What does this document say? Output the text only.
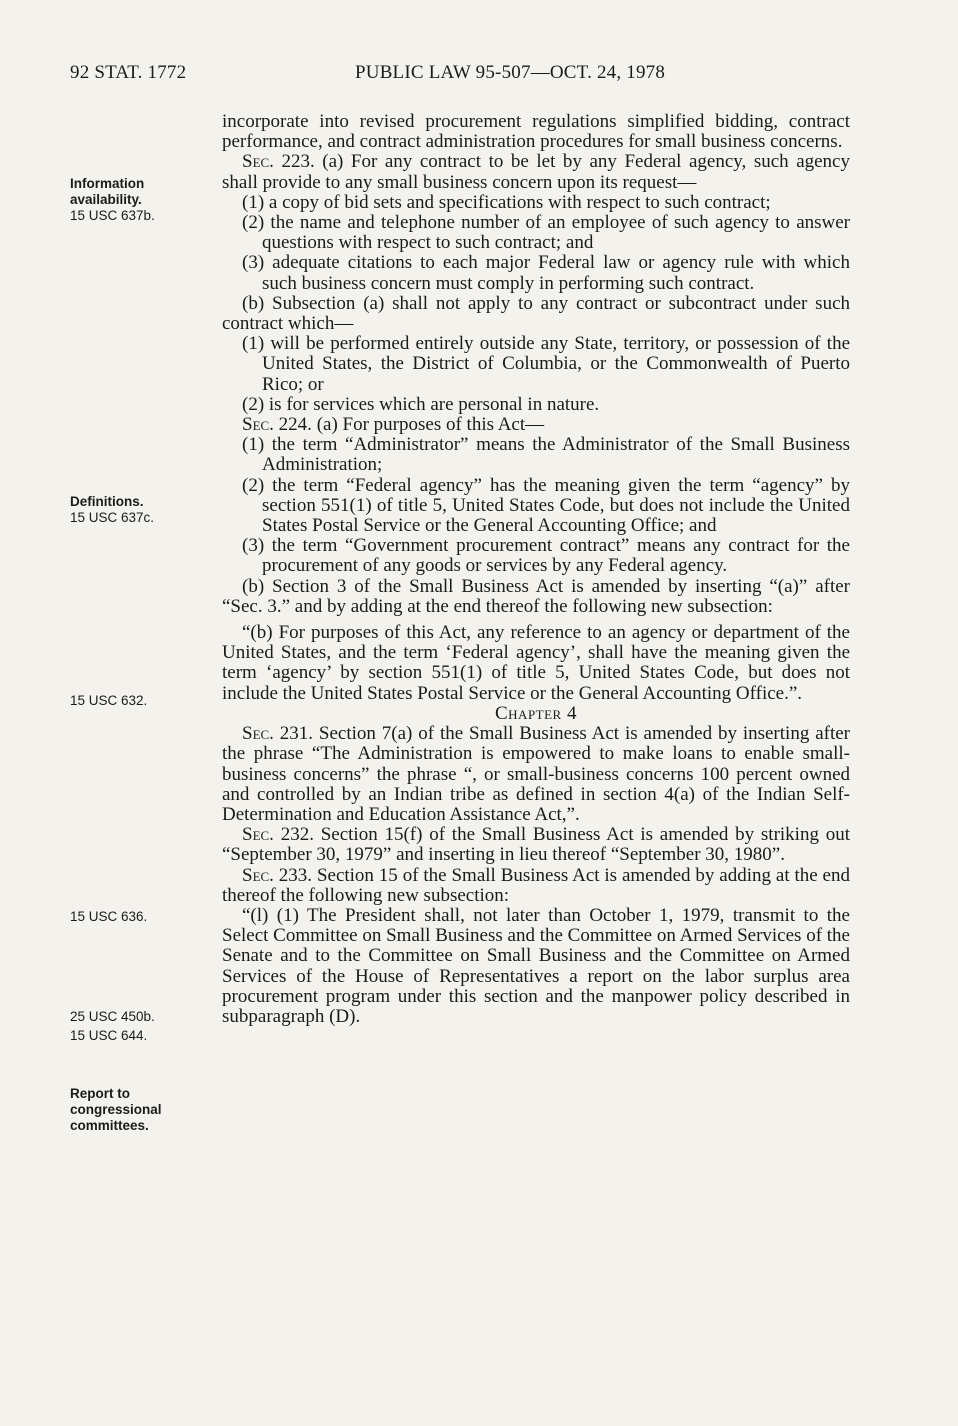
92 STAT. 1772	PUBLIC LAW 95-507—OCT. 24, 1978
Information availability.
15 USC 637b.
Definitions.
15 USC 637c.
15 USC 632.
15 USC 636.
25 USC 450b.
15 USC 644.
Report to congressional committees.

incorporate into revised procurement regulations simplified bidding, contract performance, and contract administration procedures for small business concerns.

Sec. 223. (a) For any contract to be let by any Federal agency, such agency shall provide to any small business concern upon its request—

(1) a copy of bid sets and specifications with respect to such contract;

(2) the name and telephone number of an employee of such agency to answer questions with respect to such contract; and

(3) adequate citations to each major Federal law or agency rule with which such business concern must comply in performing such contract.

(b) Subsection (a) shall not apply to any contract or subcontract under such contract which—

(1) will be performed entirely outside any State, territory, or possession of the United States, the District of Columbia, or the Commonwealth of Puerto Rico; or

(2) is for services which are personal in nature.

Sec. 224. (a) For purposes of this Act—

(1) the term “Administrator” means the Administrator of the Small Business Administration;

(2) the term “Federal agency” has the meaning given the term “agency” by section 551(1) of title 5, United States Code, but does not include the United States Postal Service or the General Accounting Office; and

(3) the term “Government procurement contract” means any contract for the procurement of any goods or services by any Federal agency.

(b) Section 3 of the Small Business Act is amended by inserting “(a)” after “Sec. 3.” and by adding at the end thereof the following new subsection:

“(b) For purposes of this Act, any reference to an agency or department of the United States, and the term ‘Federal agency’, shall have the meaning given the term ‘agency’ by section 551(1) of title 5, United States Code, but does not include the United States Postal Service or the General Accounting Office.”.

Chapter 4

Sec. 231. Section 7(a) of the Small Business Act is amended by inserting after the phrase “The Administration is empowered to make loans to enable small-business concerns” the phrase “, or small-business concerns 100 percent owned and controlled by an Indian tribe as defined in section 4(a) of the Indian Self-Determination and Education Assistance Act,”.

Sec. 232. Section 15(f) of the Small Business Act is amended by striking out “September 30, 1979” and inserting in lieu thereof “September 30, 1980”.

Sec. 233. Section 15 of the Small Business Act is amended by adding at the end thereof the following new subsection:

“(l) (1) The President shall, not later than October 1, 1979, transmit to the Select Committee on Small Business and the Committee on Armed Services of the Senate and to the Committee on Small Business and the Committee on Armed Services of the House of Representatives a report on the labor surplus area procurement program under this section and the manpower policy described in subparagraph (D).
